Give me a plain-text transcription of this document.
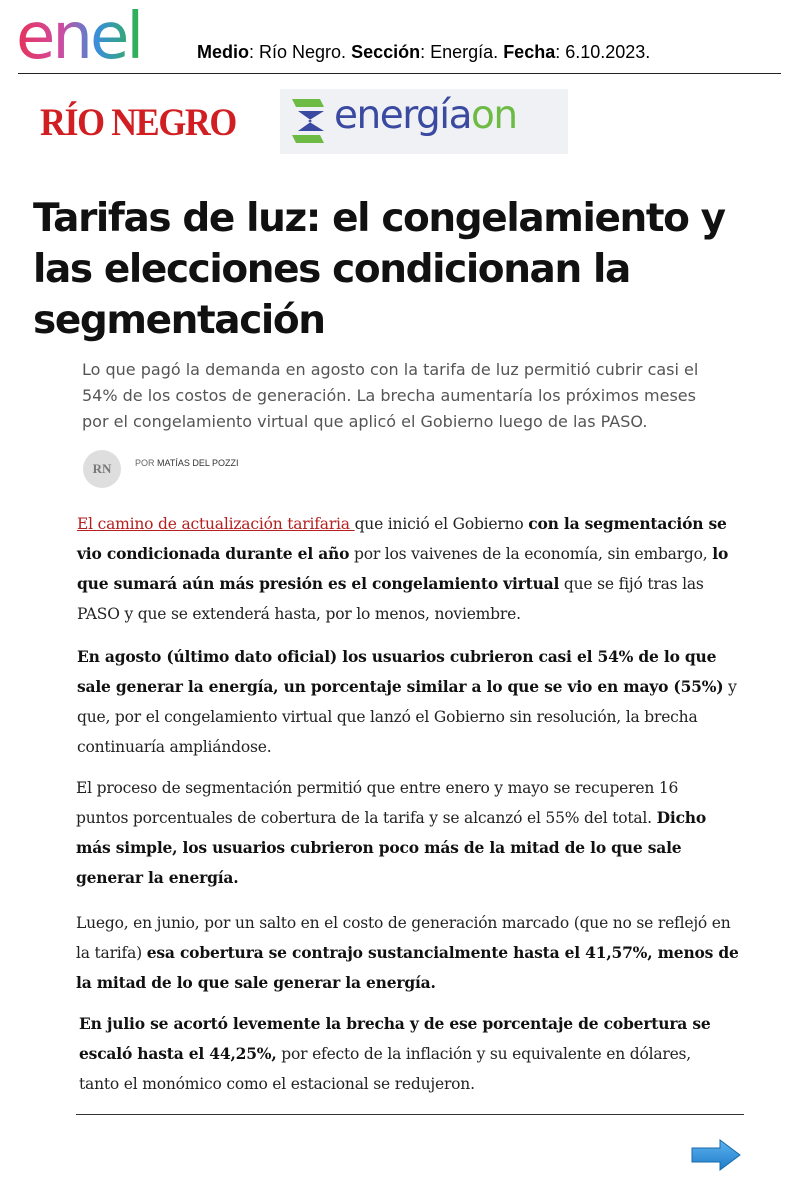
enel	Medio: Río Negro. Sección: Energía. Fecha: 6.10.2023.
RÍO NEGRO	energíaon
Tarifas de luz: el congelamiento y las elecciones condicionan la segmentación

Lo que pagó la demanda en agosto con la tarifa de luz permitió cubrir casi el 54% de los costos de generación. La brecha aumentaría los próximos meses por el congelamiento virtual que aplicó el Gobierno luego de las PASO.

RN	POR MATÍAS DEL POZZI

El camino de actualización tarifaria que inició el Gobierno con la segmentación se vio condicionada durante el año por los vaivenes de la economía, sin embargo, lo que sumará aún más presión es el congelamiento virtual que se fijó tras las PASO y que se extenderá hasta, por lo menos, noviembre.

En agosto (último dato oficial) los usuarios cubrieron casi el 54% de lo que sale generar la energía, un porcentaje similar a lo que se vio en mayo (55%) y que, por el congelamiento virtual que lanzó el Gobierno sin resolución, la brecha continuaría ampliándose.

El proceso de segmentación permitió que entre enero y mayo se recuperen 16 puntos porcentuales de cobertura de la tarifa y se alcanzó el 55% del total. Dicho más simple, los usuarios cubrieron poco más de la mitad de lo que sale generar la energía.

Luego, en junio, por un salto en el costo de generación marcado (que no se reflejó en la tarifa) esa cobertura se contrajo sustancialmente hasta el 41,57%, menos de la mitad de lo que sale generar la energía.

En julio se acortó levemente la brecha y de ese porcentaje de cobertura se escaló hasta el 44,25%, por efecto de la inflación y su equivalente en dólares, tanto el monómico como el estacional se redujeron.
